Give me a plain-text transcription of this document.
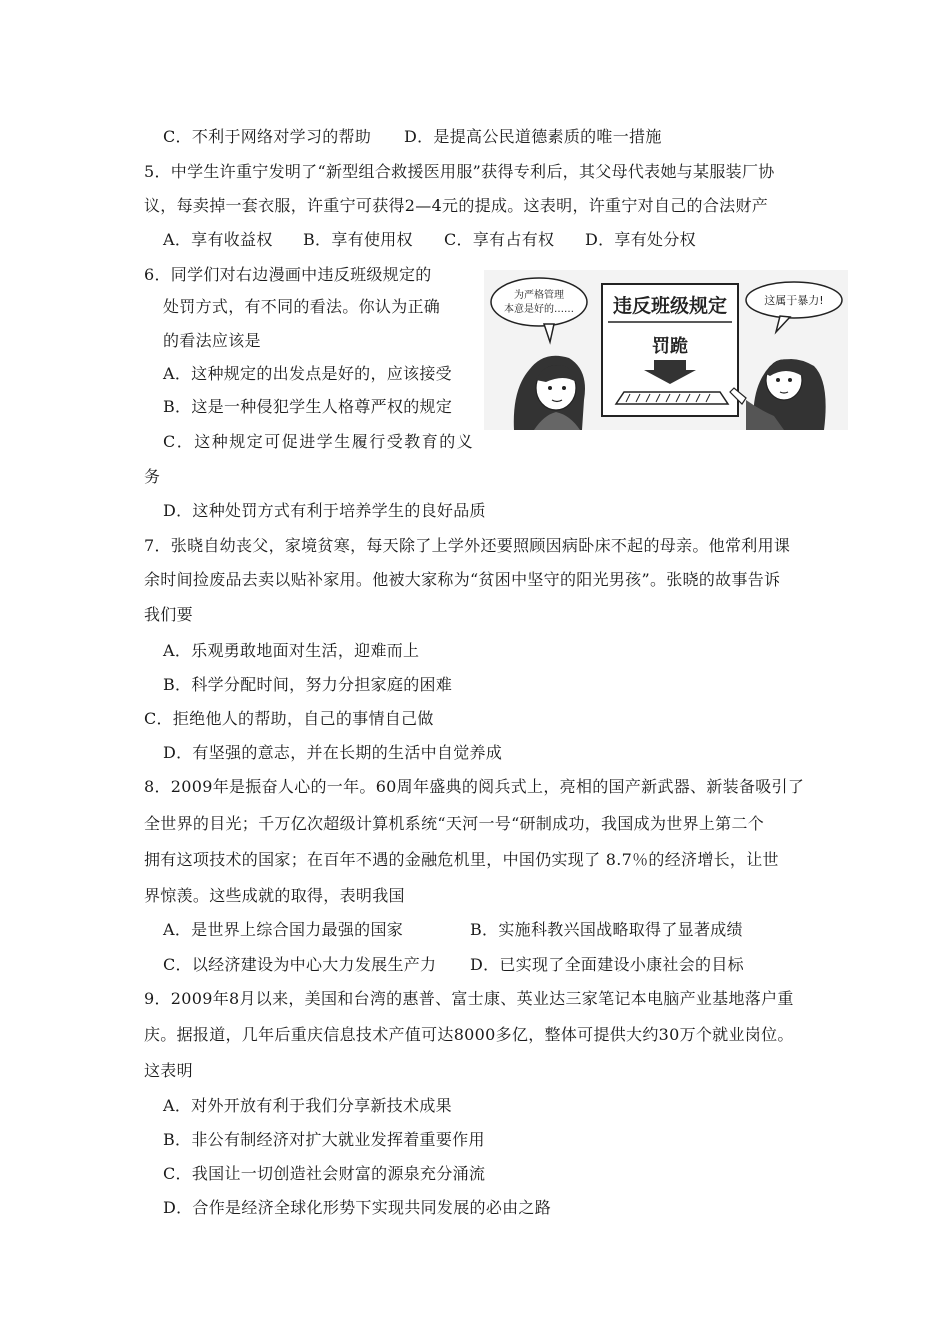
C．不利于网络对学习的帮助 D．是提高公民道德素质的唯一措施
5．中学生许重宁发明了“新型组合救援医用服”获得专利后，其父母代表她与某服装厂协
议，每卖掉一套衣服，许重宁可获得2—4元的提成。这表明，许重宁对自己的合法财产
A．享有收益权 B．享有使用权 C．享有占有权 D．享有处分权
6．同学们对右边漫画中违反班级规定的
处罚方式，有不同的看法。你认为正确
的看法应该是
A．这种规定的出发点是好的，应该接受
B．这是一种侵犯学生人格尊严权的规定
C．这种规定可促进学生履行受教育的义
务
D．这种处罚方式有利于培养学生的良好品质
为严格管理
本意是好的…… 违反班级规定
罚跪
这属于暴力!
7．张晓自幼丧父，家境贫寒，每天除了上学外还要照顾因病卧床不起的母亲。他常利用课
余时间捡废品去卖以贴补家用。他被大家称为“贫困中坚守的阳光男孩”。张晓的故事告诉
我们要
A．乐观勇敢地面对生活，迎难而上
B．科学分配时间，努力分担家庭的困难
C．拒绝他人的帮助，自己的事情自己做
D．有坚强的意志，并在长期的生活中自觉养成
8．2009年是振奋人心的一年。60周年盛典的阅兵式上，亮相的国产新武器、新装备吸引了
全世界的目光；千万亿次超级计算机系统“天河一号“研制成功，我国成为世界上第二个
拥有这项技术的国家；在百年不遇的金融危机里，中国仍实现了 8.7％的经济增长，让世
界惊羡。这些成就的取得，表明我国
A．是世界上综合国力最强的国家	B．实施科教兴国战略取得了显著成绩
C．以经济建设为中心大力发展生产力 D．已实现了全面建设小康社会的目标
9．2009年8月以来，美国和台湾的惠普、富士康、英业达三家笔记本电脑产业基地落户重
庆。据报道，几年后重庆信息技术产值可达8000多亿，整体可提供大约30万个就业岗位。
这表明
A．对外开放有利于我们分享新技术成果
B．非公有制经济对扩大就业发挥着重要作用
C．我国让一切创造社会财富的源泉充分涌流
D．合作是经济全球化形势下实现共同发展的必由之路
